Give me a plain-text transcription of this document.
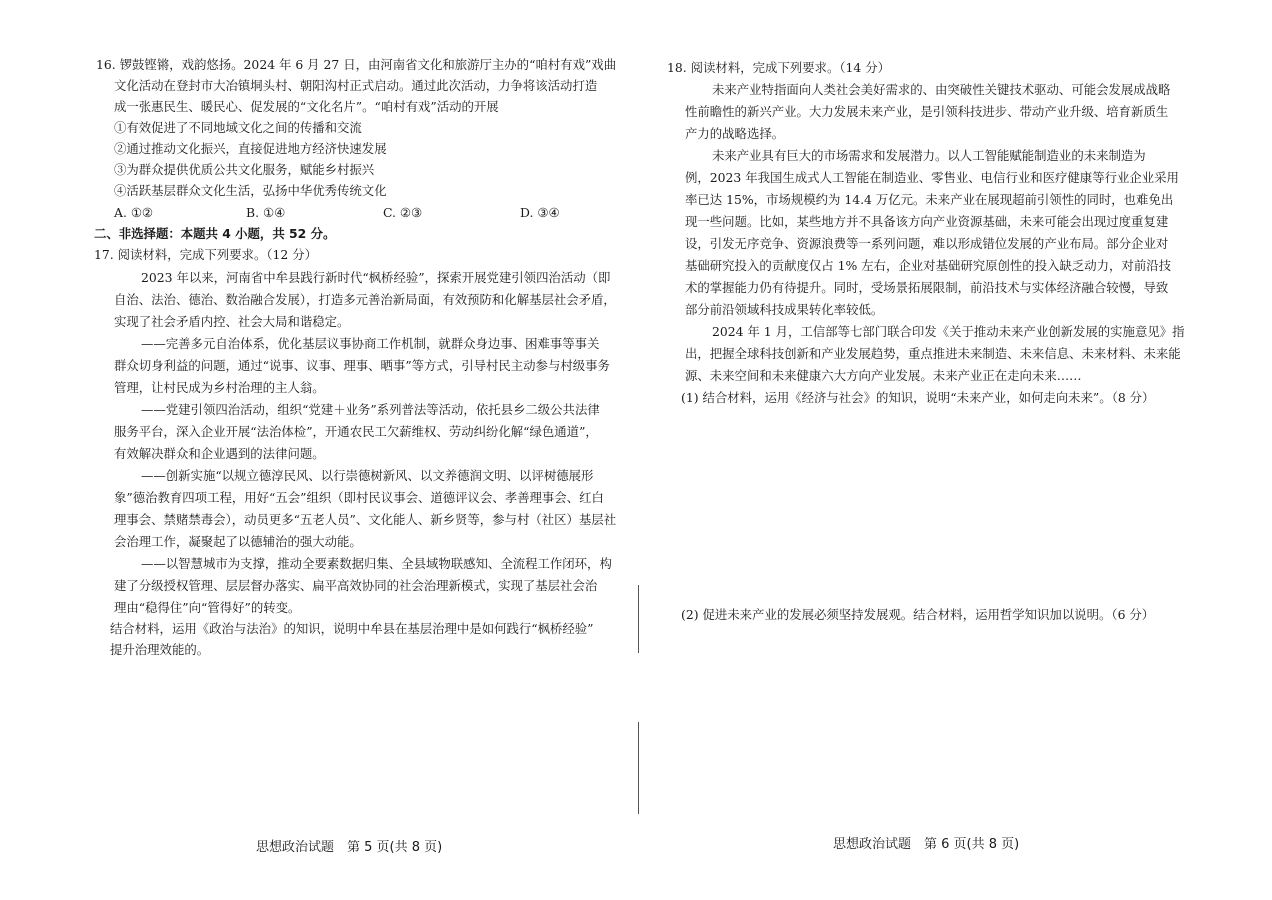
16. 锣鼓铿锵，戏韵悠扬。2024 年 6 月 27 日，由河南省文化和旅游厅主办的“咱村有戏”戏曲
文化活动在登封市大冶镇垌头村、朝阳沟村正式启动。通过此次活动，力争将该活动打造
成一张惠民生、暖民心、促发展的“文化名片”。“咱村有戏”活动的开展
①有效促进了不同地域文化之间的传播和交流
②通过推动文化振兴，直接促进地方经济快速发展
③为群众提供优质公共文化服务，赋能乡村振兴
④活跃基层群众文化生活，弘扬中华优秀传统文化
A. ①②	B. ①④	C. ②③	D. ③④
二、非选择题：本题共 4 小题，共 52 分。
17. 阅读材料，完成下列要求。（12 分）
2023 年以来，河南省中牟县践行新时代“枫桥经验”，探索开展党建引领四治活动（即
自治、法治、德治、数治融合发展），打造多元善治新局面，有效预防和化解基层社会矛盾，
实现了社会矛盾内控、社会大局和谐稳定。
——完善多元自治体系，优化基层议事协商工作机制，就群众身边事、困难事等事关
群众切身利益的问题，通过“说事、议事、理事、晒事”等方式，引导村民主动参与村级事务
管理，让村民成为乡村治理的主人翁。
——党建引领四治活动，组织“党建＋业务”系列普法等活动，依托县乡二级公共法律
服务平台，深入企业开展“法治体检”，开通农民工欠薪维权、劳动纠纷化解“绿色通道”，
有效解决群众和企业遇到的法律问题。
——创新实施“以规立德淳民风、以行崇德树新风、以文养德润文明、以评树德展形
象”德治教育四项工程，用好“五会”组织（即村民议事会、道德评议会、孝善理事会、红白
理事会、禁赌禁毒会），动员更多“五老人员”、文化能人、新乡贤等，参与村（社区）基层社
会治理工作，凝聚起了以德辅治的强大动能。
——以智慧城市为支撑，推动全要素数据归集、全县域物联感知、全流程工作闭环，构
建了分级授权管理、层层督办落实、扁平高效协同的社会治理新模式，实现了基层社会治
理由“稳得住”向“管得好”的转变。
结合材料，运用《政治与法治》的知识，说明中牟县在基层治理中是如何践行“枫桥经验”
提升治理效能的。
思想政治试题　第 5 页(共 8 页)
18. 阅读材料，完成下列要求。（14 分）
未来产业特指面向人类社会美好需求的、由突破性关键技术驱动、可能会发展成战略
性前瞻性的新兴产业。大力发展未来产业，是引领科技进步、带动产业升级、培育新质生
产力的战略选择。
未来产业具有巨大的市场需求和发展潜力。以人工智能赋能制造业的未来制造为
例，2023 年我国生成式人工智能在制造业、零售业、电信行业和医疗健康等行业企业采用
率已达 15%，市场规模约为 14.4 万亿元。未来产业在展现超前引领性的同时，也难免出
现一些问题。比如，某些地方并不具备该方向产业资源基础，未来可能会出现过度重复建
设，引发无序竞争、资源浪费等一系列问题，难以形成错位发展的产业布局。部分企业对
基础研究投入的贡献度仅占 1% 左右，企业对基础研究原创性的投入缺乏动力，对前沿技
术的掌握能力仍有待提升。同时，受场景拓展限制，前沿技术与实体经济融合较慢，导致
部分前沿领域科技成果转化率较低。
2024 年 1 月，工信部等七部门联合印发《关于推动未来产业创新发展的实施意见》指
出，把握全球科技创新和产业发展趋势，重点推进未来制造、未来信息、未来材料、未来能
源、未来空间和未来健康六大方向产业发展。未来产业正在走向未来……
(1) 结合材料，运用《经济与社会》的知识，说明“未来产业，如何走向未来”。（8 分）
(2) 促进未来产业的发展必须坚持发展观。结合材料，运用哲学知识加以说明。（6 分）
思想政治试题　第 6 页(共 8 页)
